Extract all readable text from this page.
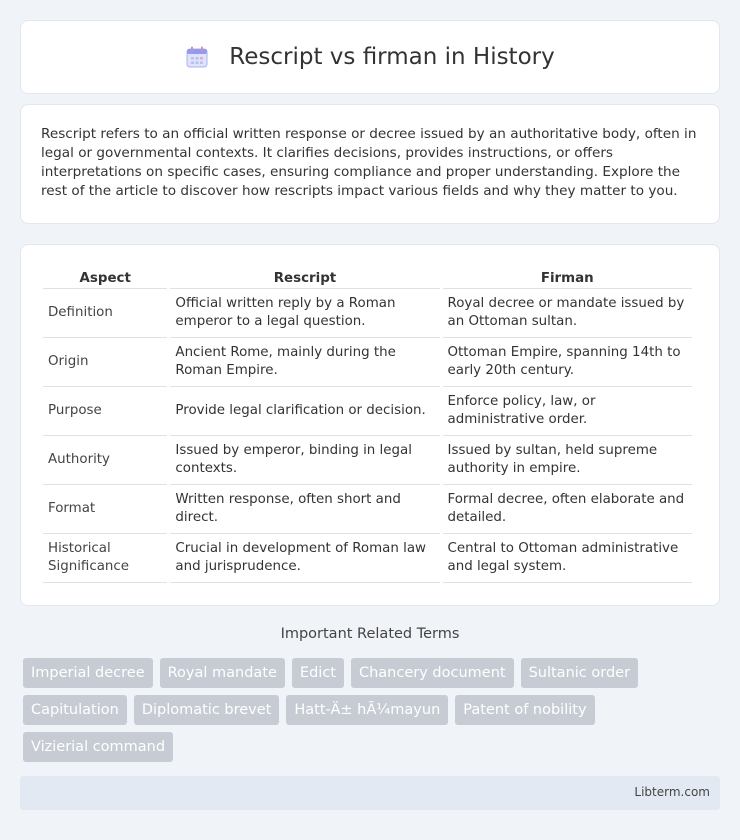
Rescript vs firman in History

Rescript refers to an official written response or decree issued by an authoritative body, often in legal or governmental contexts. It clarifies decisions, provides instructions, or offers interpretations on specific cases, ensuring compliance and proper understanding. Explore the rest of the article to discover how rescripts impact various fields and why they matter to you.

Aspect	Rescript	Firman
Definition	Official written reply by a Roman emperor to a legal question.	Royal decree or mandate issued by an Ottoman sultan.
Origin	Ancient Rome, mainly during the Roman Empire.	Ottoman Empire, spanning 14th to early 20th century.
Purpose	Provide legal clarification or decision.	Enforce policy, law, or administrative order.
Authority	Issued by emperor, binding in legal contexts.	Issued by sultan, held supreme authority in empire.
Format	Written response, often short and direct.	Formal decree, often elaborate and detailed.
Historical Significance	Crucial in development of Roman law and jurisprudence.	Central to Ottoman administrative and legal system.
Important Related Terms
Imperial decree	Royal mandate	Edict	Chancery document	Sultanic order
Capitulation	Diplomatic brevet	Hatt-Ä± hÃ¼mayun	Patent of nobility
Vizierial command
Libterm.com
